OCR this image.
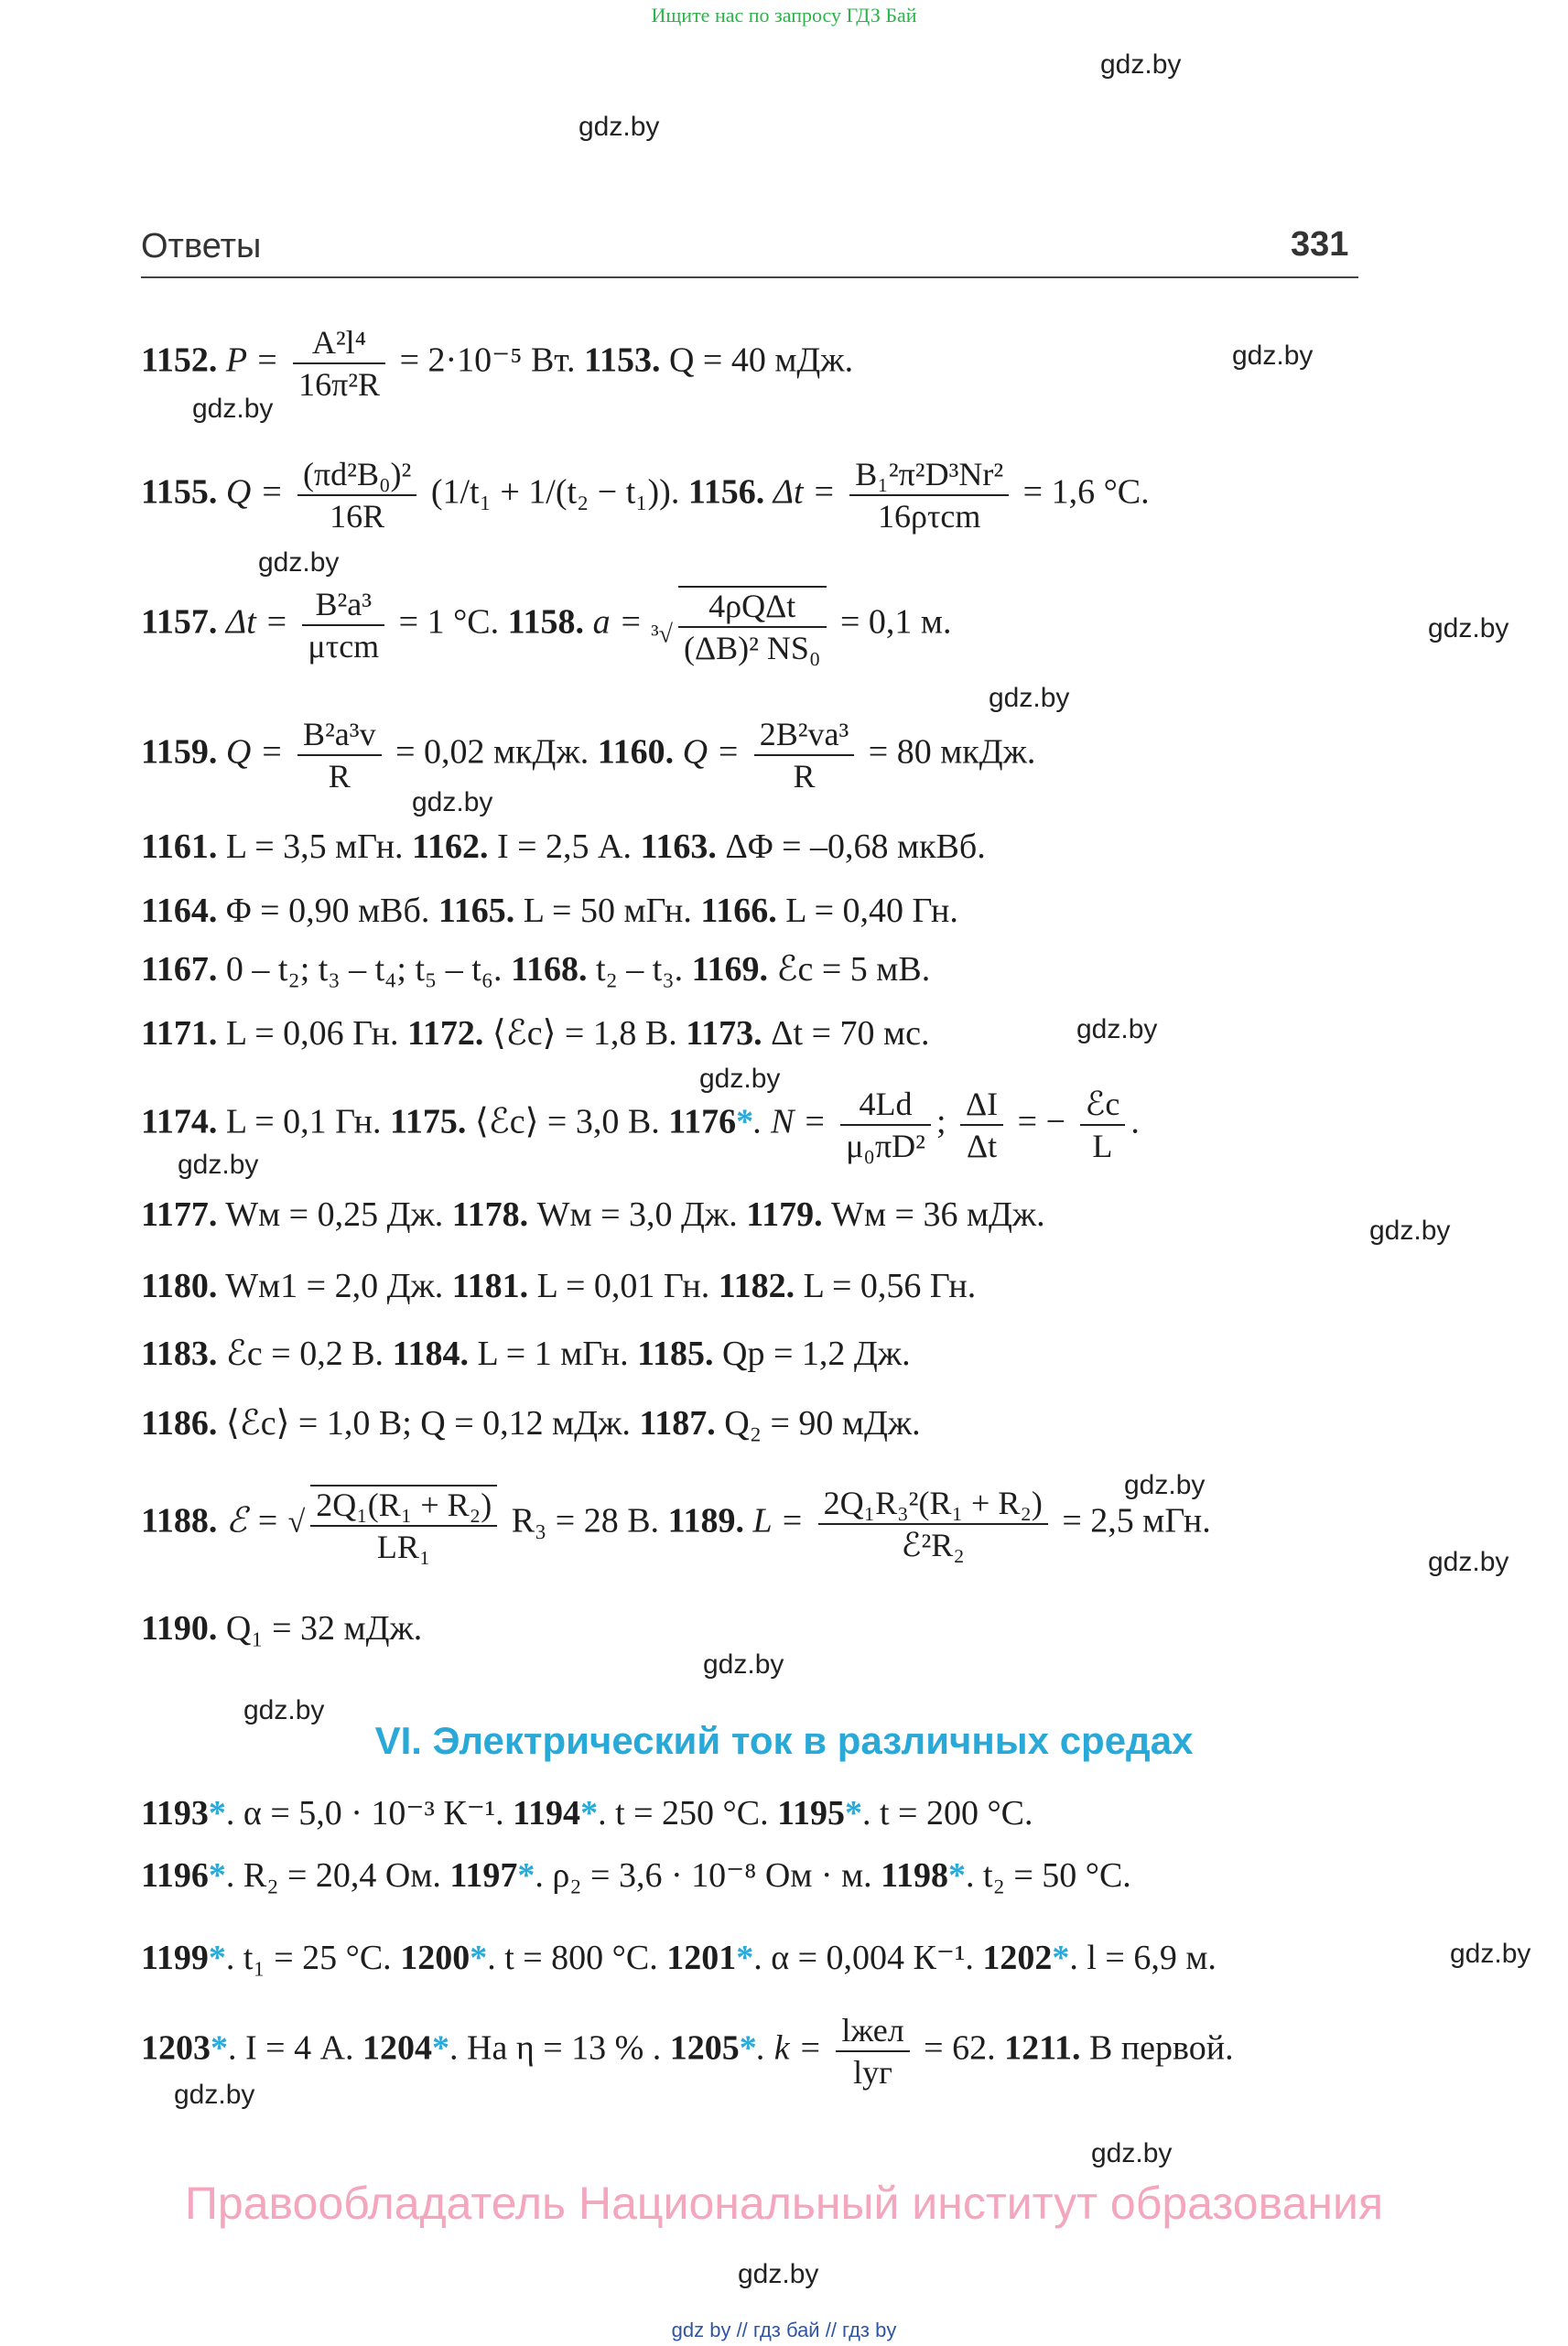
Ищите нас по запросу ГДЗ Бай
gdz.by
gdz.by
gdz.by
gdz.by
gdz.by
gdz.by
gdz.by
gdz.by
gdz.by
gdz.by
gdz.by
gdz.by
gdz.by
gdz.by
gdz.by
gdz.by
gdz.by
gdz.by
gdz.by
gdz.by
Ответы	331
1152. $P = \frac{\text{A²l⁴}}{\text{16π²R}} = 2\cdot 10^{-5}$ Вт. 1153. Q = 40 мДж.
1155. $Q = \frac{\text{(πd²B₀)²}}{16R} (1/t_1 + 1/(t_2 - t_1))$. 1156. $\Delta t = \frac{\text{B₁²π²D³Nr²}}{\text{16ρτcm}} = 1,6$ °C.
1157. $\Delta t = \frac{\text{B²a³}}{\text{μτcm}} = 1$ °C. 1158. $a = _{^3√} \frac{\text{4ρQΔt}}{\text{(ΔB)² NS₀}} = 0,1$ м.
1159. $Q = \frac{\text{B²a³v}}{R} = 0,02$ мкДж. 1160. $Q = \frac{\text{2B²va³}}{R} = 80$ мкДж.
1161. L = 3,5 мГн. 1162. I = 2,5 А. 1163. ΔΦ = –0,68 мкВб.
1164. Φ = 0,90 мВб. 1165. L = 50 мГн. 1166. L = 0,40 Гн.
1167. 0 – t₂; t₃ – t₄; t₅ – t₆. 1168. t₂ – t₃. 1169. ℰc = 5 мВ.
1171. L = 0,06 Гн. 1172. ⟨ℰc⟩ = 1,8 В. 1173. Δt = 70 мс.
1174. L = 0,1 Гн. 1175. ⟨ℰc⟩ = 3,0 В. 1176*. $N = \frac{4Ld}{\text{μ₀πD²}}$ ; $\frac{\Delta I}{\Delta t}$ = − $\frac{\text{ℰc}}{L}$ .
1177. Wм = 0,25 Дж. 1178. Wм = 3,0 Дж. 1179. Wм = 36 мДж.
1180. Wм1 = 2,0 Дж. 1181. L = 0,01 Гн. 1182. L = 0,56 Гн.
1183. ℰc = 0,2 В. 1184. L = 1 мГн. 1185. Qр = 1,2 Дж.
1186. ⟨ℰc⟩ = 1,0 В; Q = 0,12 мДж. 1187. Q₂ = 90 мДж.
1188. ℰ = √ $\frac{\text{2Q₁(R₁ + R₂)}}{\text{LR₁}} R_3 = 28$ В. 1189. $L = \frac{\text{2Q₁R₃²(R₁ + R₂)}}{\text{ℰ²R₂}} = 2,5$ мГн.
1190. Q₁ = 32 мДж.
VI. Электрический ток в различных средах
1193*. α = 5,0 · 10⁻³ К⁻¹. 1194*. t = 250 °C. 1195*. t = 200 °C.
1196*. R₂ = 20,4 Ом. 1197*. ρ₂ = 3,6 · 10⁻⁸ Ом · м. 1198*. t₂ = 50 °C.
1199*. t₁ = 25 °C. 1200*. t = 800 °C. 1201*. α = 0,004 К⁻¹. 1202*. l = 6,9 м.
1203*. I = 4 А. 1204*. На η = 13 % . 1205*. $k = \frac{\text{lжел}}{\text{lуг}} = 62$. 1211. В первой.
Правообладатель Национальный институт образования
gdz by // гдз бай // гдз by
